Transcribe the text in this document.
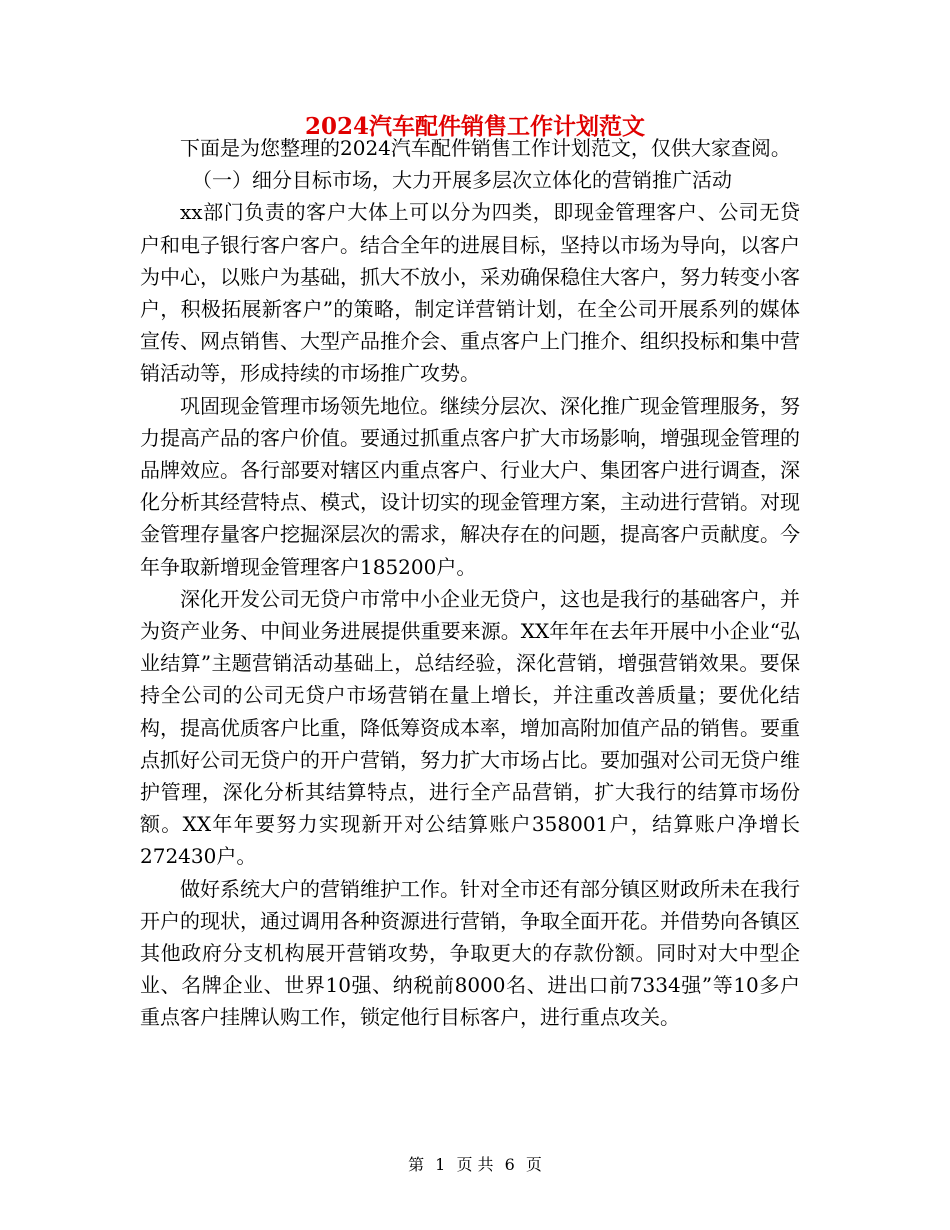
2024汽车配件销售工作计划范文

下面是为您整理的2024汽车配件销售工作计划范文，仅供大家查阅。

（一）细分目标市场，大力开展多层次立体化的营销推广活动

xx部门负责的客户大体上可以分为四类，即现金管理客户、公司无贷户和电子银行客户客户。结合全年的进展目标，坚持以市场为导向，以客户为中心，以账户为基础，抓大不放小，采劝确保稳住大客户，努力转变小客户，积极拓展新客户”的策略，制定详营销计划，在全公司开展系列的媒体宣传、网点销售、大型产品推介会、重点客户上门推介、组织投标和集中营销活动等，形成持续的市场推广攻势。

巩固现金管理市场领先地位。继续分层次、深化推广现金管理服务，努力提高产品的客户价值。要通过抓重点客户扩大市场影响，增强现金管理的品牌效应。各行部要对辖区内重点客户、行业大户、集团客户进行调查，深化分析其经营特点、模式，设计切实的现金管理方案，主动进行营销。对现金管理存量客户挖掘深层次的需求，解决存在的问题，提高客户贡献度。今年争取新增现金管理客户185200户。

深化开发公司无贷户市常中小企业无贷户，这也是我行的基础客户，并为资产业务、中间业务进展提供重要来源。XX年年在去年开展中小企业“弘业结算”主题营销活动基础上，总结经验，深化营销，增强营销效果。要保持全公司的公司无贷户市场营销在量上增长，并注重改善质量；要优化结构，提高优质客户比重，降低筹资成本率，增加高附加值产品的销售。要重点抓好公司无贷户的开户营销，努力扩大市场占比。要加强对公司无贷户维护管理，深化分析其结算特点，进行全产品营销，扩大我行的结算市场份额。XX年年要努力实现新开对公结算账户358001户，结算账户净增长272430户。

做好系统大户的营销维护工作。针对全市还有部分镇区财政所未在我行开户的现状，通过调用各种资源进行营销，争取全面开花。并借势向各镇区其他政府分支机构展开营销攻势，争取更大的存款份额。同时对大中型企业、名牌企业、世界10强、纳税前8000名、进出口前7334强”等10多户重点客户挂牌认购工作，锁定他行目标客户，进行重点攻关。

第 1 页 共 6 页
